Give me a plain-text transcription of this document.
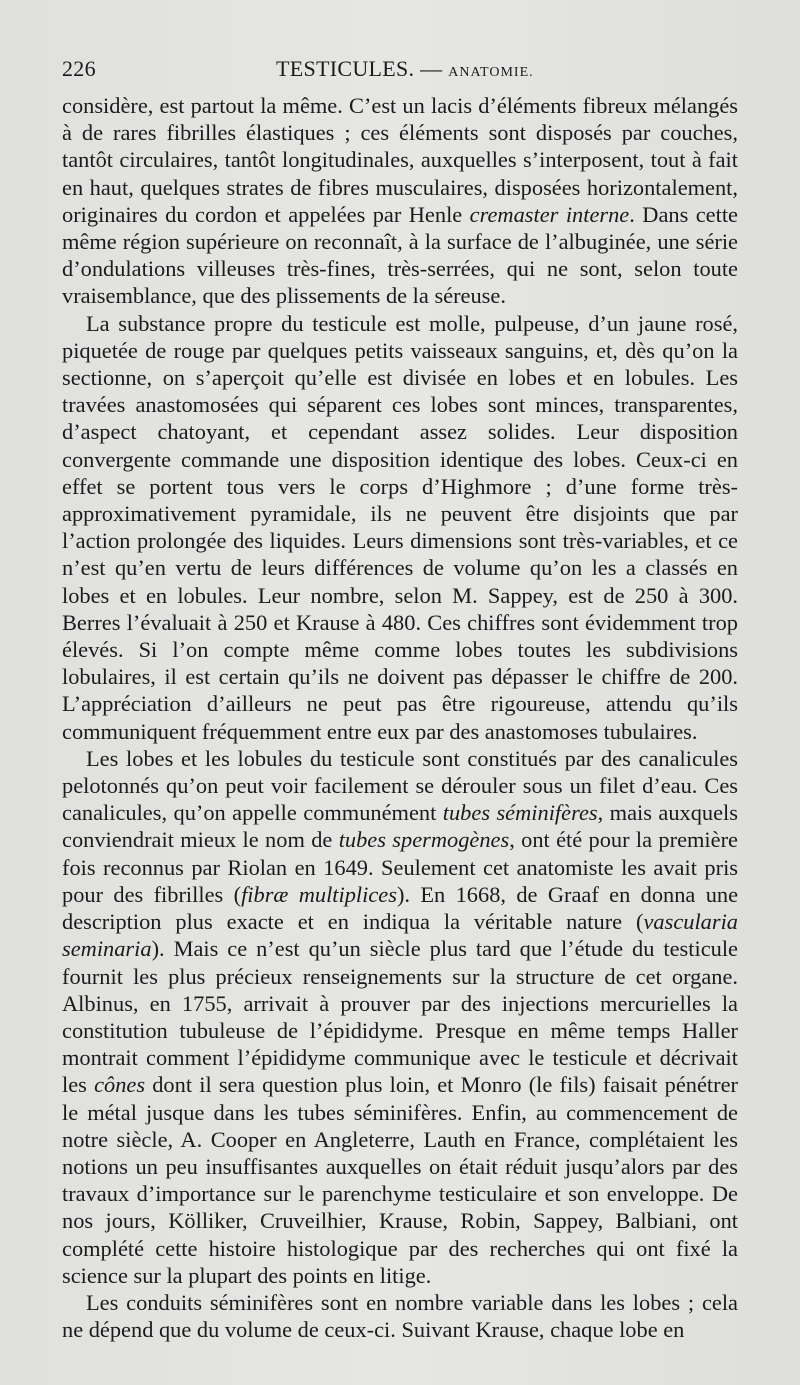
226	TESTICULES. — ANATOMIE.

considère, est partout la même. C’est un lacis d’éléments fibreux mélangés à de rares fibrilles élastiques ; ces éléments sont disposés par couches, tantôt circulaires, tantôt longitudinales, auxquelles s’interposent, tout à fait en haut, quelques strates de fibres musculaires, disposées horizontalement, originaires du cordon et appelées par Henle cremaster interne. Dans cette même région supérieure on reconnaît, à la surface de l’albuginée, une série d’ondulations villeuses très-fines, très-serrées, qui ne sont, selon toute vraisemblance, que des plissements de la séreuse.

La substance propre du testicule est molle, pulpeuse, d’un jaune rosé, piquetée de rouge par quelques petits vaisseaux sanguins, et, dès qu’on la sectionne, on s’aperçoit qu’elle est divisée en lobes et en lobules. Les travées anastomosées qui séparent ces lobes sont minces, transparentes, d’aspect chatoyant, et cependant assez solides. Leur disposition convergente commande une disposition identique des lobes. Ceux-ci en effet se portent tous vers le corps d’Highmore ; d’une forme très-approximativement pyramidale, ils ne peuvent être disjoints que par l’action prolongée des liquides. Leurs dimensions sont très-variables, et ce n’est qu’en vertu de leurs différences de volume qu’on les a classés en lobes et en lobules. Leur nombre, selon M. Sappey, est de 250 à 300. Berres l’évaluait à 250 et Krause à 480. Ces chiffres sont évidemment trop élevés. Si l’on compte même comme lobes toutes les subdivisions lobulaires, il est certain qu’ils ne doivent pas dépasser le chiffre de 200. L’appréciation d’ailleurs ne peut pas être rigoureuse, attendu qu’ils communiquent fréquemment entre eux par des anastomoses tubulaires.

Les lobes et les lobules du testicule sont constitués par des canalicules pelotonnés qu’on peut voir facilement se dérouler sous un filet d’eau. Ces canalicules, qu’on appelle communément tubes séminifères, mais auxquels conviendrait mieux le nom de tubes spermogènes, ont été pour la première fois reconnus par Riolan en 1649. Seulement cet anatomiste les avait pris pour des fibrilles (fibræ multiplices). En 1668, de Graaf en donna une description plus exacte et en indiqua la véritable nature (vascularia seminaria). Mais ce n’est qu’un siècle plus tard que l’étude du testicule fournit les plus précieux renseignements sur la structure de cet organe. Albinus, en 1755, arrivait à prouver par des injections mercurielles la constitution tubuleuse de l’épididyme. Presque en même temps Haller montrait comment l’épididyme communique avec le testicule et décrivait les cônes dont il sera question plus loin, et Monro (le fils) faisait pénétrer le métal jusque dans les tubes séminifères. Enfin, au commencement de notre siècle, A. Cooper en Angleterre, Lauth en France, complétaient les notions un peu insuffisantes auxquelles on était réduit jusqu’alors par des travaux d’importance sur le parenchyme testiculaire et son enveloppe. De nos jours, Kölliker, Cruveilhier, Krause, Robin, Sappey, Balbiani, ont complété cette histoire histologique par des recherches qui ont fixé la science sur la plupart des points en litige.

Les conduits séminifères sont en nombre variable dans les lobes ; cela ne dépend que du volume de ceux-ci. Suivant Krause, chaque lobe en
